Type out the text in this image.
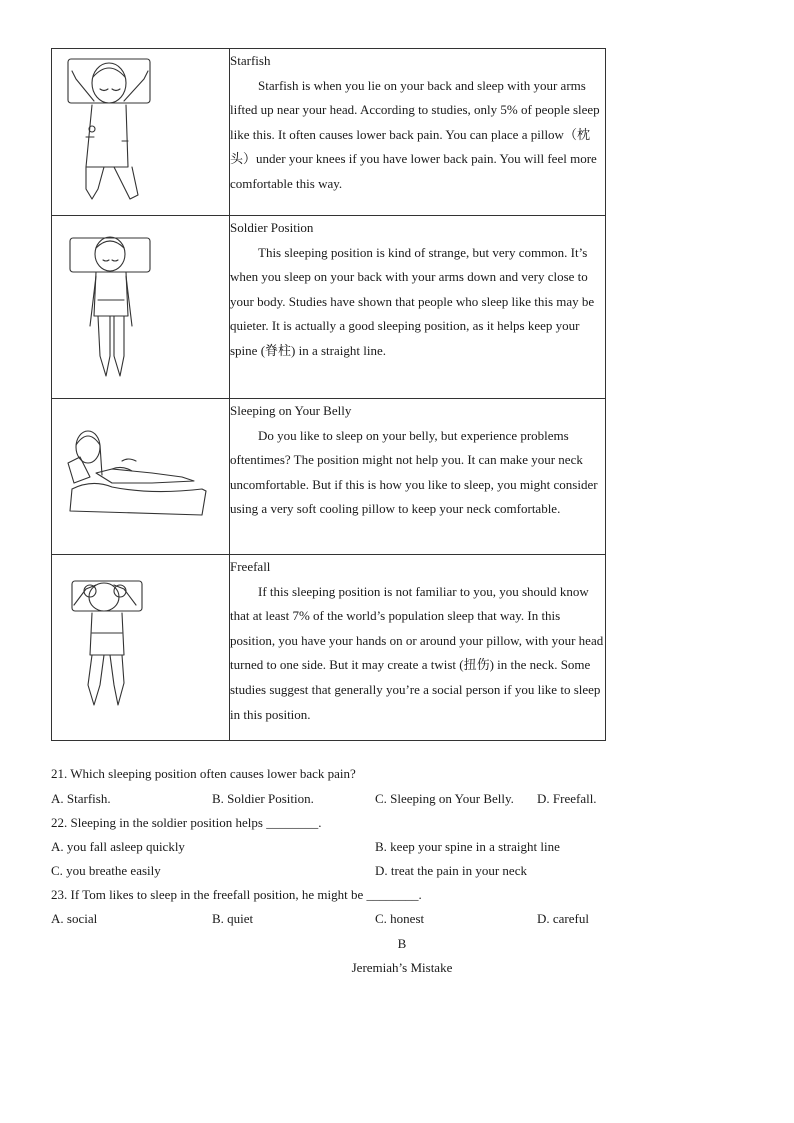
Starfish
Starfish is when you lie on your back and sleep with your arms lifted up near your head. According to studies, only 5% of people sleep like this. It often causes lower back pain. You can place a pillow（枕头）under your knees if you have lower back pain. You will feel more comfortable this way.

Soldier Position
This sleeping position is kind of strange, but very common. It’s when you sleep on your back with your arms down and very close to your body. Studies have shown that people who sleep like this may be quieter. It is actually a good sleeping position, as it helps keep your spine (脊柱) in a straight line.

Sleeping on Your Belly
Do you like to sleep on your belly, but experience problems oftentimes? The position might not help you. It can make your neck uncomfortable. But if this is how you like to sleep, you might consider using a very soft cooling pillow to keep your neck comfortable.

Freefall
If this sleeping position is not familiar to you, you should know that at least 7% of the world’s population sleep that way. In this position, you have your hands on or around your pillow, with your head turned to one side. But it may create a twist (扭伤) in the neck. Some studies suggest that generally you’re a social person if you like to sleep in this position.
21. Which sleeping position often causes lower back pain?
A. Starfish.	B. Soldier Position.	C. Sleeping on Your Belly. D. Freefall.
22. Sleeping in the soldier position helps ________.
A. you fall asleep quickly	B. keep your spine in a straight line
C. you breathe easily	D. treat the pain in your neck
23. If Tom likes to sleep in the freefall position, he might be ________.
A. social	B. quiet	C. honest	D. careful
B
Jeremiah’s Mistake
